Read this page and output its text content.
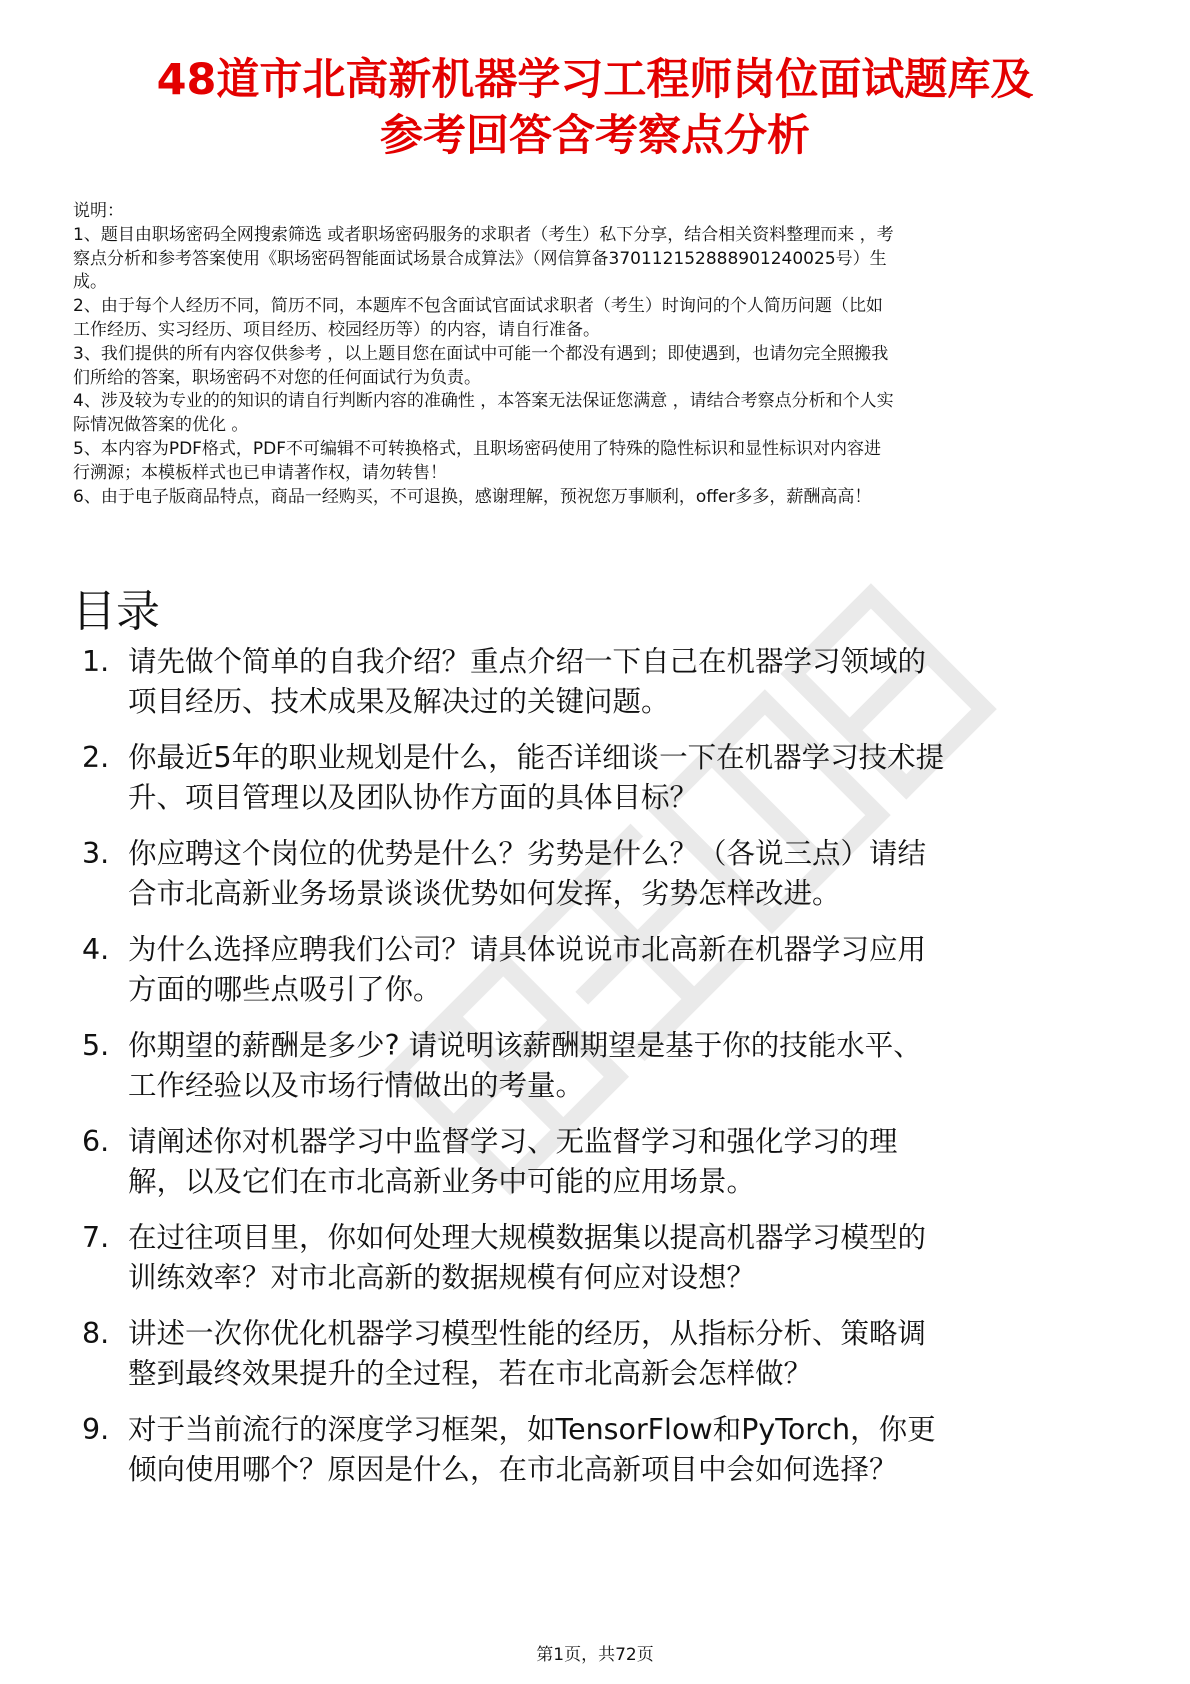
48道市北高新机器学习工程师岗位面试题库及
参考回答含考察点分析

说明：

1、题目由职场密码全网搜索筛选 或者职场密码服务的求职者（考生）私下分享，结合相关资料整理而来 ，考

察点分析和参考答案使用《职场密码智能面试场景合成算法》（网信算备37011215288890124002​5号）生

成。

2、由于每个人经历不同，简历不同，本题库不包含面试官面试求职者（考生）时询问的个人简历问题（比如

工作经历、实习经历、项目经历、校园经历等）的内容，请自行准备。

3、我们提供的所有内容仅供参考 ，以上题目您在面试中可能一个都没有遇到；即使遇到，也请勿完全照搬我

们所给的答案，职场密码不对您的任何面试行为负责。

4、涉及较为专业的的知识的请自行判断内容的准确性 ，本答案无法保证您满意 ，请结合考察点分析和个人实

际情况做答案的优化 。

5、本内容为PDF格式，PDF不可编辑不可转换格式，且职场密码使用了特殊的隐性标识和显性标识对内容进

行溯源；本模板样式也已申请著作权，请勿转售！

6、由于电子版商品特点，商品一经购买，不可退换，感谢理解，预祝您万事顺利，offer多多，薪酬高高！

目录
1. 请先做个简单的自我介绍？重点介绍一下自己在机器学习领域的
项目经历、技术成果及解决过的关键问题。
2. 你最近5年的职业规划是什么，能否详细谈一下在机器学习技术提
升、项目管理以及团队协作方面的具体目标？
3. 你应聘这个岗位的优势是什么？劣势是什么？（各说三点）请结
合市北高新业务场景谈谈优势如何发挥，劣势怎样改进。
4. 为什么选择应聘我们公司？请具体说说市北高新在机器学习应用
方面的哪些点吸引了你。
5. 你期望的薪酬是多少? 请说明该薪酬期望是基于你的技能水平、
工作经验以及市场行情做出的考量。
6. 请阐述你对机器学习中监督学习、无监督学习和强化学习的理
解，以及它们在市北高新业务中可能的应用场景。
7. 在过往项目里，你如何处理大规模数据集以提高机器学习模型的
训练效率？对市北高新的数据规模有何应对设想？
8. 讲述一次你优化机器学习模型性能的经历，从指标分析、策略调
整到最终效果提升的全过程，若在市北高新会怎样做？
9. 对于当前流行的深度学习框架，如TensorFlow和PyTorch，你更
倾向使用哪个？原因是什么，在市北高新项目中会如何选择？
第1页，共72页
